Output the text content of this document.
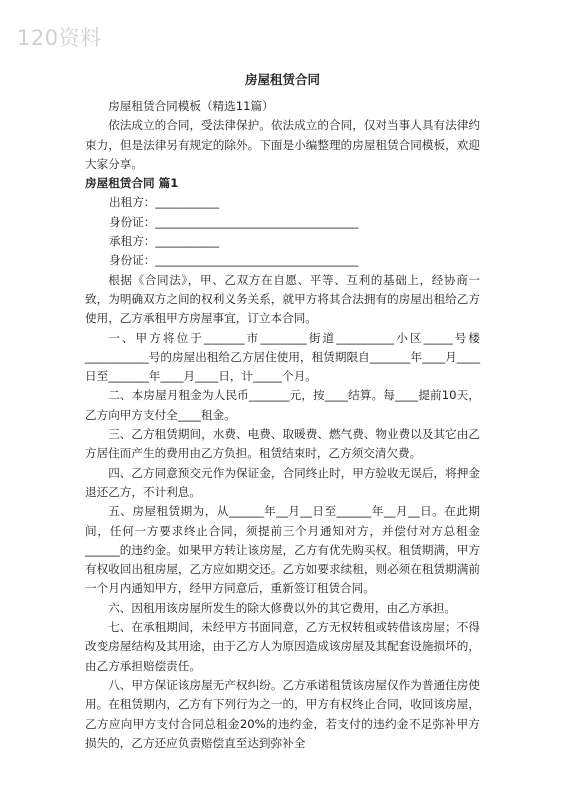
120资料
房屋租赁合同

房屋租赁合同模板（精选11篇）

依法成立的合同，受法律保护。依法成立的合同，仅对当事人具有法律约束力，但是法律另有规定的除外。下面是小编整理的房屋租赁合同模板，欢迎大家分享。

房屋租赁合同 篇1

出租方：___________

身份证：___________________________________

承租方：___________

身份证：___________________________________

根据《合同法》，甲、乙双方在自愿、平等、互利的基础上，经协商一致，为明确双方之间的权利义务关系，就甲方将其合法拥有的房屋出租给乙方使用，乙方承租甲方房屋事宜，订立本合同。

一、甲方将位于_______市________街道__________小区_____号楼___________号的房屋出租给乙方居住使用，租赁期限自_______年____月____日至_______年____月____日，计_____个月。

二、本房屋月租金为人民币_______元，按____结算。每____提前10天，乙方向甲方支付全____租金。

三、乙方租赁期间，水费、电费、取暖费、燃气费、物业费以及其它由乙方居住而产生的费用由乙方负担。租赁结束时，乙方须交清欠费。

四、乙方同意预交元作为保证金，合同终止时，甲方验收无误后，将押金退还乙方，不计利息。

五、房屋租赁期为，从______年__月__日至______年__月__日。在此期间，任何一方要求终止合同，须提前三个月通知对方，并偿付对方总租金______的违约金。如果甲方转让该房屋，乙方有优先购买权。租赁期满，甲方有权收回出租房屋，乙方应如期交还。乙方如要求续租，则必须在租赁期满前一个月内通知甲方，经甲方同意后，重新签订租赁合同。

六、因租用该房屋所发生的除大修费以外的其它费用，由乙方承担。

七、在承租期间，未经甲方书面同意，乙方无权转租或转借该房屋；不得改变房屋结构及其用途，由于乙方人为原因造成该房屋及其配套设施损坏的，由乙方承担赔偿责任。

八、甲方保证该房屋无产权纠纷。乙方承诺租赁该房屋仅作为普通住房使用。在租赁期内，乙方有下列行为之一的，甲方有权终止合同，收回该房屋，乙方应向甲方支付合同总租金20%的违约金，若支付的违约金不足弥补甲方损失的，乙方还应负责赔偿直至达到弥补全
